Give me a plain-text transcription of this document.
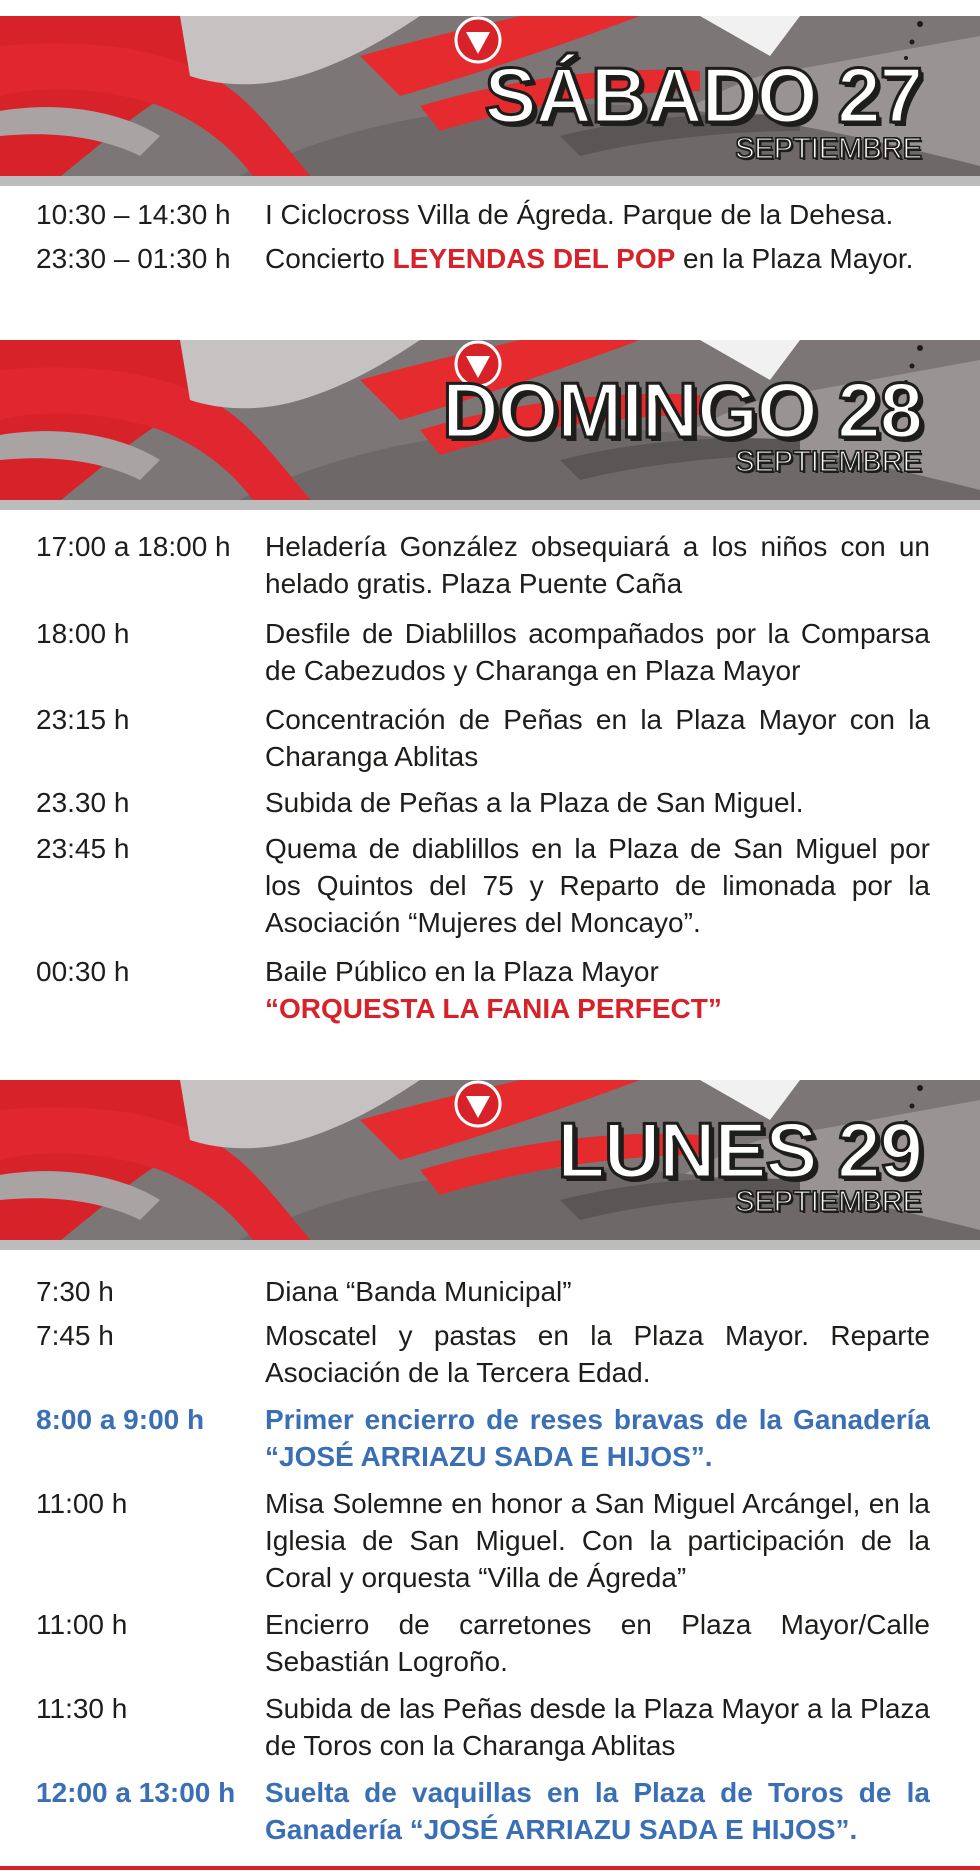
SÁBADO 27
SEPTIEMBRE
10:30 – 14:30 h I Ciclocross Villa de Ágreda. Parque de la Dehesa.
23:30 – 01:30 h Concierto LEYENDAS DEL POP en la Plaza Mayor.
DOMINGO 28
SEPTIEMBRE
17:00 a 18:00 h Heladería González obsequiará a los niños con un helado gratis. Plaza Puente Caña
18:00 h	Desfile de Diablillos acompañados por la Comparsa de Cabezudos y Charanga en Plaza Mayor
23:15 h	Concentración de Peñas en la Plaza Mayor con la Charanga Ablitas
23.30 h	Subida de Peñas a la Plaza de San Miguel.
23:45 h	Quema de diablillos en la Plaza de San Miguel por los Quintos del 75 y Reparto de limonada por la Asociación “Mujeres del Moncayo”.
00:30 h	Baile Público en la Plaza Mayor
“ORQUESTA LA FANIA PERFECT”
LUNES 29
SEPTIEMBRE
7:30 h	Diana “Banda Municipal”
7:45 h	Moscatel y pastas en la Plaza Mayor. Reparte Asociación de la Tercera Edad.
8:00 a 9:00 h Primer encierro de reses bravas de la Ganadería “JOSÉ ARRIAZU SADA E HIJOS”.
11:00 h	Misa Solemne en honor a San Miguel Arcángel, en la Iglesia de San Miguel. Con la participación de la Coral y orquesta “Villa de Ágreda”
11:00 h	Encierro de carretones en Plaza Mayor/Calle Sebastián Logroño.
11:30 h	Subida de las Peñas desde la Plaza Mayor a la Plaza de Toros con la Charanga Ablitas
12:00 a 13:00 h Suelta de vaquillas en la Plaza de Toros de la Ganadería “JOSÉ ARRIAZU SADA E HIJOS”.
